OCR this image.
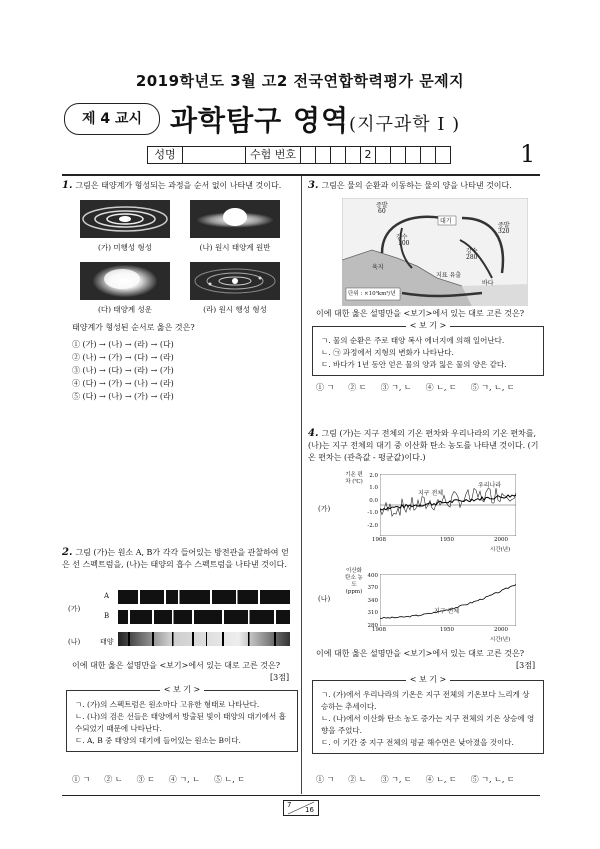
2019학년도 3월 고2 전국연합학력평가 문제지
제 4 교시 과학탐구 영역(지구과학 I )
성명	수험 번호	2	1
1. 그림은 태양계가 형성되는 과정을 순서 없이 나타낸 것이다.
(가) 미행성 형성	(나) 원시 태양계 원반
(다) 태양계 성운	(라) 원시 행성 형성
태양계가 형성된 순서로 옳은 것은?
① (가) → (나) → (라) → (다)
② (나) → (가) → (다) → (라)
③ (나) → (다) → (라) → (가)
④ (다) → (가) → (나) → (라)
⑤ (다) → (나) → (가) → (라)
2. 그림 (가)는 원소 A, B가 각각 들어있는 방전관을 관찰하여 얻은 선 스펙트럼을, (나)는 태양의 흡수 스펙트럼을 나타낸 것이다.
(가)
A
B
(나)	태양
이에 대한 옳은 설명만을 <보기>에서 있는 대로 고른 것은?
[3점]
< 보 기 >
ㄱ. (가)의 스펙트럼은 원소마다 고유한 형태로 나타난다.
ㄴ. (나)의 검은 선들은 태양에서 방출된 빛이 태양의 대기에서 흡수되었기 때문에 나타난다.
ㄷ. A, B 중 태양의 대기에 들어있는 원소는 B이다.
① ㄱ ② ㄴ ③ ㄷ ④ ㄱ, ㄴ ⑤ ㄴ, ㄷ
3. 그림은 물의 순환과 이동하는 물의 양을 나타낸 것이다.
증발
60
대기
증발
320
강수
100
강수
280
육지
지표 유출
바다
단위 : ×10³km³/년
이에 대한 옳은 설명만을 <보기>에서 있는 대로 고른 것은?
< 보 기 >
ㄱ. 물의 순환은 주로 태양 복사 에너지에 의해 일어난다.
ㄴ. ㉠ 과정에서 지형의 변화가 나타난다.
ㄷ. 바다가 1년 동안 얻은 물의 양과 잃은 물의 양은 같다.
① ㄱ ② ㄷ ③ ㄱ, ㄴ ④ ㄴ, ㄷ ⑤ ㄱ, ㄴ, ㄷ
4. 그림 (가)는 지구 전체의 기온 편차와 우리나라의 기온 편차를, (나)는 지구 전체의 대기 중 이산화 탄소 농도를 나타낸 것이다. (기온 편차는 (관측값 - 평균값)이다.)
(가)
기온 편차 (℃)
2.0
1.0
0.0
-1.0
-2.0
지구 전체
우리나라
1908	1950	2000
시간(년)
(나)
이산화 탄소 농도 (ppm)
400
370
340
310
280
지구 전체
1908	1950	2000
시간(년)
이에 대한 옳은 설명만을 <보기>에서 있는 대로 고른 것은?
[3점]
< 보 기 >
ㄱ. (가)에서 우리나라의 기온은 지구 전체의 기온보다 느리게 상승하는 추세이다.
ㄴ. (나)에서 이산화 탄소 농도 증가는 지구 전체의 기온 상승에 영향을 주었다.
ㄷ. 이 기간 중 지구 전체의 평균 해수면은 낮아졌을 것이다.
① ㄱ ② ㄴ ③ ㄱ, ㄷ ④ ㄴ, ㄷ ⑤ ㄱ, ㄴ, ㄷ
7
16
